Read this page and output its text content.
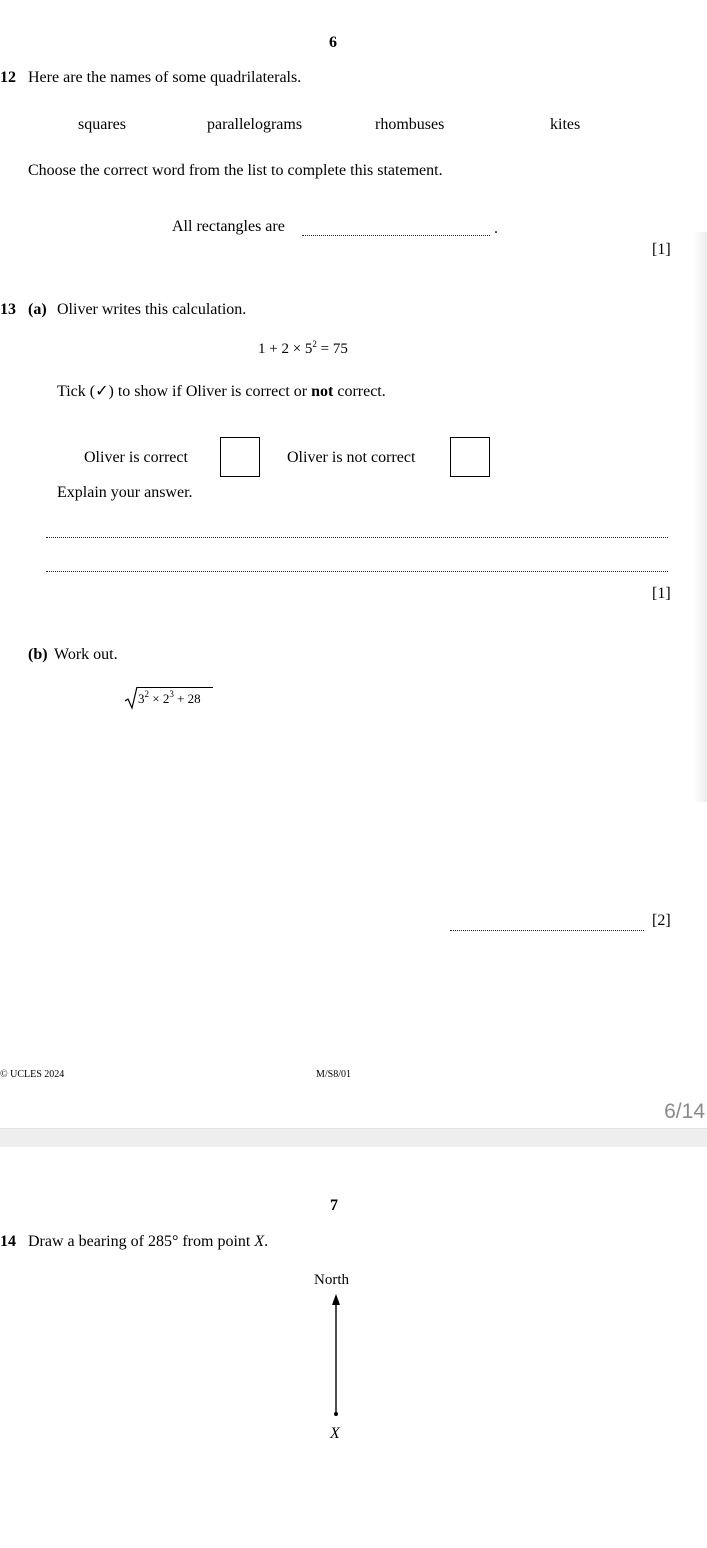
6
12 Here are the names of some quadrilaterals.
squares	parallelograms	rhombuses	kites
Choose the correct word from the list to complete this statement.
All rectangles are	.
[1]
13 (a) Oliver writes this calculation.
$1 + 2 \times 5^2 = 75$
Tick (✓) to show if Oliver is correct or not correct.
Oliver is correct	Oliver is not correct
Explain your answer.
[1]
(b) Work out.
$3^2 \times 2^3 + 28$
[2]
© UCLES 2024	M/S8/01
6/14
7
14 Draw a bearing of 285° from point X.
North
X
